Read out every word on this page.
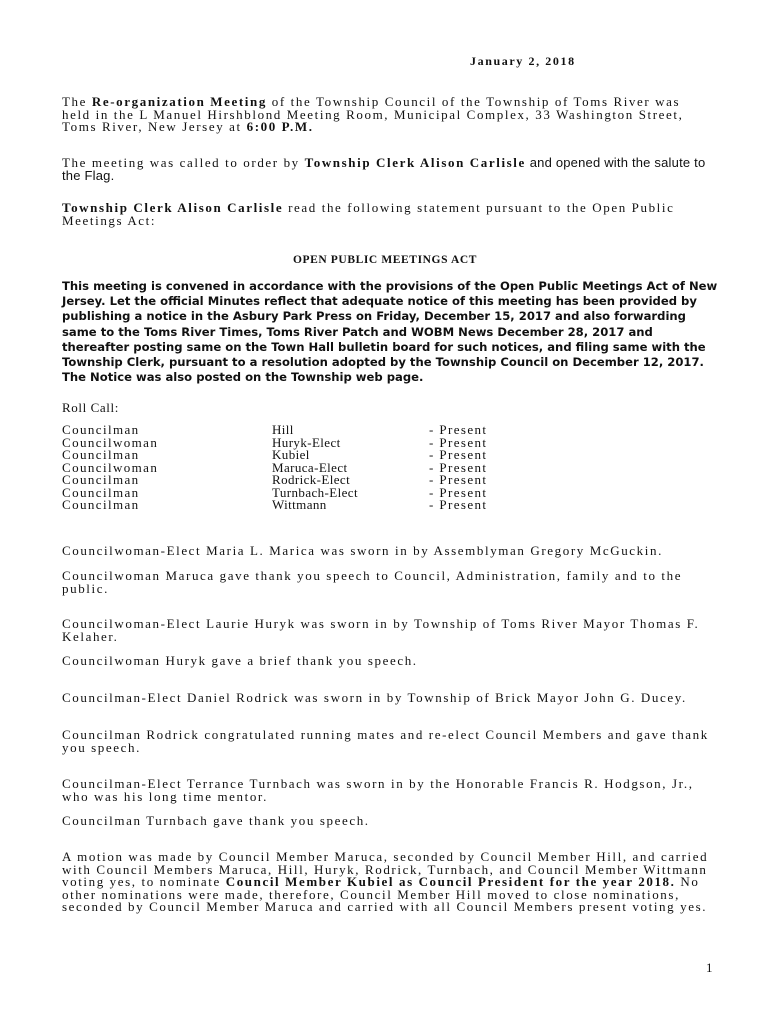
January 2, 2018

The Re-organization Meeting of the Township Council of the Township of Toms River was held in the L Manuel Hirshblond Meeting Room, Municipal Complex, 33 Washington Street, Toms River, New Jersey at 6:00 P.M.

The meeting was called to order by Township Clerk Alison Carlisle and opened with the salute to the Flag.

Township Clerk Alison Carlisle read the following statement pursuant to the Open Public Meetings Act:

OPEN PUBLIC MEETINGS ACT
This meeting is convened in accordance with the provisions of the Open Public Meetings Act of New Jersey. Let the official Minutes reflect that adequate notice of this meeting has been provided by publishing a notice in the Asbury Park Press on Friday, December 15, 2017 and also forwarding same to the Toms River Times, Toms River Patch and WOBM News December 28, 2017 and thereafter posting same on the Town Hall bulletin board for such notices, and filing same with the Township Clerk, pursuant to a resolution adopted by the Township Council on December 12, 2017. The Notice was also posted on the Township web page.
Roll Call:
Councilman	Hill	- Present
Councilwoman	Huryk-Elect	- Present
Councilman	Kubiel	- Present
Councilwoman	Maruca-Elect	- Present
Councilman	Rodrick-Elect	- Present
Councilman	Turnbach-Elect	- Present
Councilman	Wittmann	- Present

Councilwoman-Elect Maria L. Marica was sworn in by Assemblyman Gregory McGuckin.

Councilwoman Maruca gave thank you speech to Council, Administration, family and to the public.

Councilwoman-Elect Laurie Huryk was sworn in by Township of Toms River Mayor Thomas F. Kelaher.

Councilwoman Huryk gave a brief thank you speech.

Councilman-Elect Daniel Rodrick was sworn in by Township of Brick Mayor John G. Ducey.

Councilman Rodrick congratulated running mates and re-elect Council Members and gave thank you speech.

Councilman-Elect Terrance Turnbach was sworn in by the Honorable Francis R. Hodgson, Jr., who was his long time mentor.

Councilman Turnbach gave thank you speech.

A motion was made by Council Member Maruca, seconded by Council Member Hill, and carried with Council Members Maruca, Hill, Huryk, Rodrick, Turnbach, and Council Member Wittmann voting yes, to nominate Council Member Kubiel as Council President for the year 2018. No other nominations were made, therefore, Council Member Hill moved to close nominations, seconded by Council Member Maruca and carried with all Council Members present voting yes.

1
